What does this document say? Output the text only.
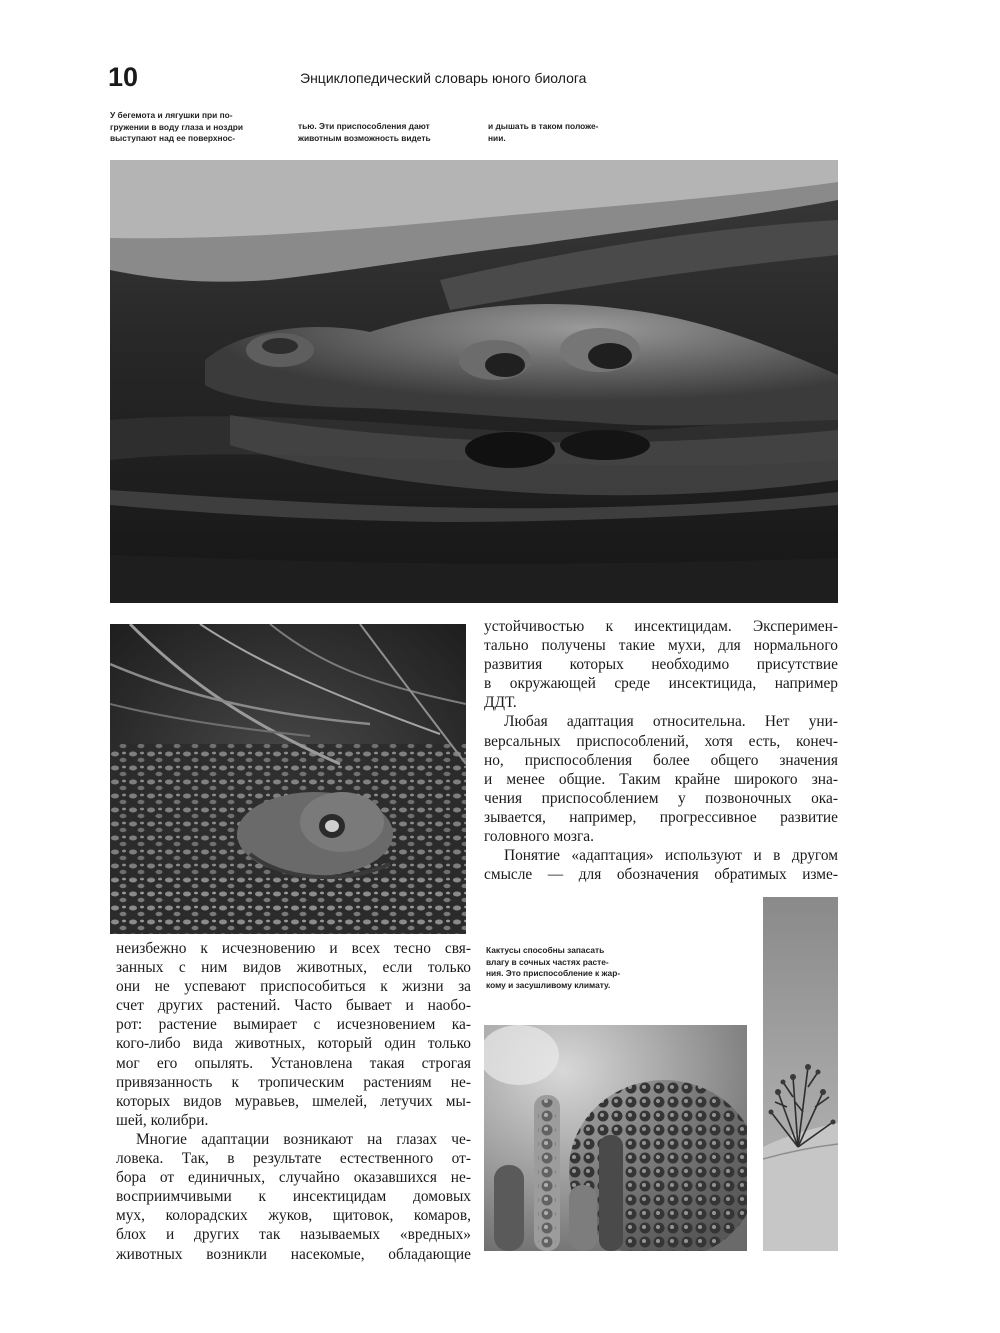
10	Энциклопедический словарь юного биолога
У бегемота и лягушки при по-
гружении в воду глаза и ноздри
выступают над ее поверхнос-
тью. Эти приспособления дают
животным возможность видеть
и дышать в таком положе-
нии.
устойчивостью к инсектицидам. Эксперимен-
тально получены такие мухи, для нормального
развития которых необходимо присутствие
в окружающей среде инсектицида, например
ДДТ.
Любая адаптация относительна. Нет уни-
версальных приспособлений, хотя есть, конеч-
но, приспособления более общего значения
и менее общие. Таким крайне широкого зна-
чения приспособлением у позвоночных ока-
зывается, например, прогрессивное развитие
головного мозга.
Понятие «адаптация» используют и в другом
смысле — для обозначения обратимых изме-
неизбежно к исчезновению и всех тесно свя-
занных с ним видов животных, если только
они не успевают приспособиться к жизни за
счет других растений. Часто бывает и наобо-
рот: растение вымирает с исчезновением ка-
кого-либо вида животных, который один только
мог его опылять. Установлена такая строгая
привязанность к тропическим растениям не-
которых видов муравьев, шмелей, летучих мы-
шей, колибри.
Многие адаптации возникают на глазах че-
ловека. Так, в результате естественного от-
бора от единичных, случайно оказавшихся не-
восприимчивыми к инсектицидам домовых
мух, колорадских жуков, щитовок, комаров,
блох и других так называемых «вредных»
животных возникли насекомые, обладающие
Кактусы способны запасать
влагу в сочных частях расте-
ния. Это приспособление к жар-
кому и засушливому климату.
